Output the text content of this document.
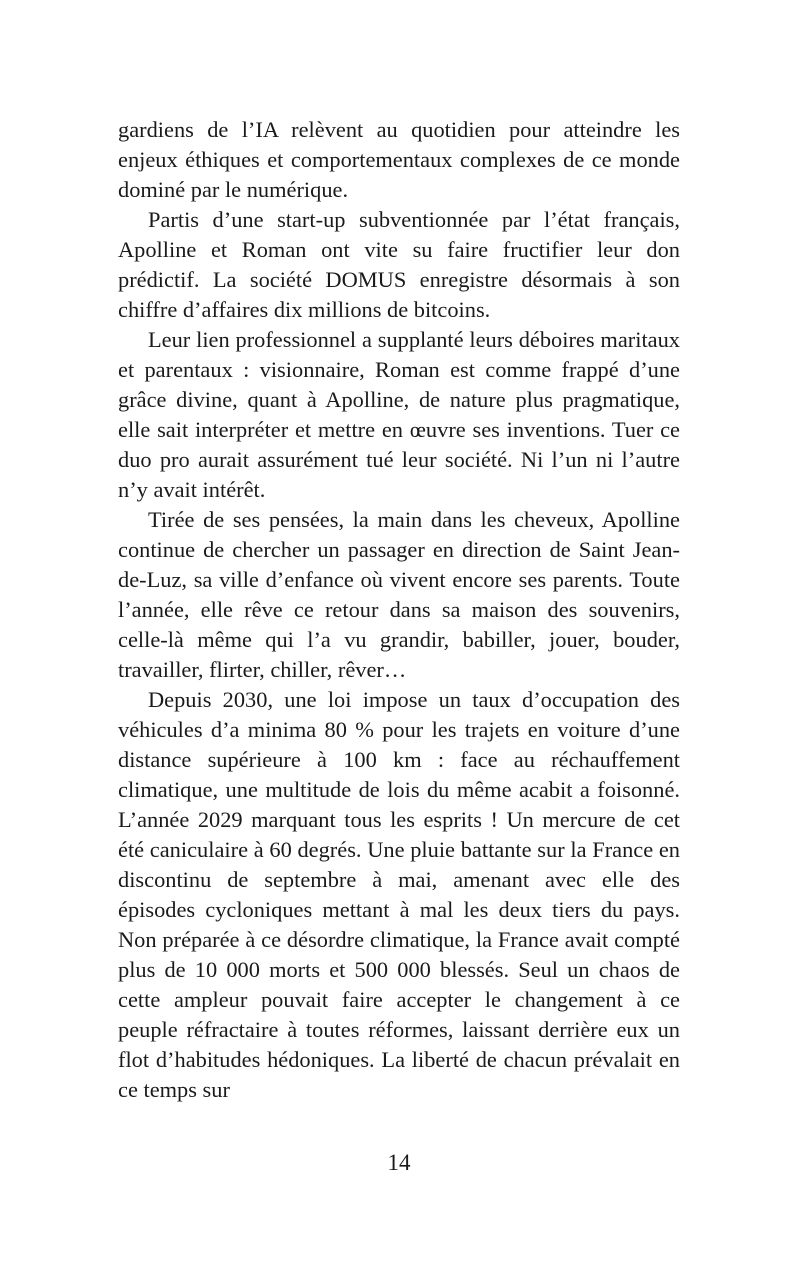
gardiens de l’IA relèvent au quotidien pour atteindre les enjeux éthiques et comportementaux complexes de ce monde dominé par le numérique.

Partis d’une start-up subventionnée par l’état français, Apolline et Roman ont vite su faire fructifier leur don prédictif. La société DOMUS enregistre désormais à son chiffre d’affaires dix millions de bitcoins.

Leur lien professionnel a supplanté leurs déboires maritaux et parentaux : visionnaire, Roman est comme frappé d’une grâce divine, quant à Apolline, de nature plus pragmatique, elle sait interpréter et mettre en œuvre ses inventions. Tuer ce duo pro aurait assurément tué leur société. Ni l’un ni l’autre n’y avait intérêt.

Tirée de ses pensées, la main dans les cheveux, Apolline continue de chercher un passager en direction de Saint Jean-de-Luz, sa ville d’enfance où vivent encore ses parents. Toute l’année, elle rêve ce retour dans sa maison des souvenirs, celle-là même qui l’a vu grandir, babiller, jouer, bouder, travailler, flirter, chiller, rêver…

Depuis 2030, une loi impose un taux d’occupation des véhicules d’a minima 80 % pour les trajets en voiture d’une distance supérieure à 100 km : face au réchauffement climatique, une multitude de lois du même acabit a foisonné. L’année 2029 marquant tous les esprits ! Un mercure de cet été caniculaire à 60 degrés. Une pluie battante sur la France en discontinu de septembre à mai, amenant avec elle des épisodes cycloniques mettant à mal les deux tiers du pays. Non préparée à ce désordre climatique, la France avait compté plus de 10 000 morts et 500 000 blessés. Seul un chaos de cette ampleur pouvait faire accepter le changement à ce peuple réfractaire à toutes réformes, laissant derrière eux un flot d’habitudes hédoniques. La liberté de chacun prévalait en ce temps sur

14
